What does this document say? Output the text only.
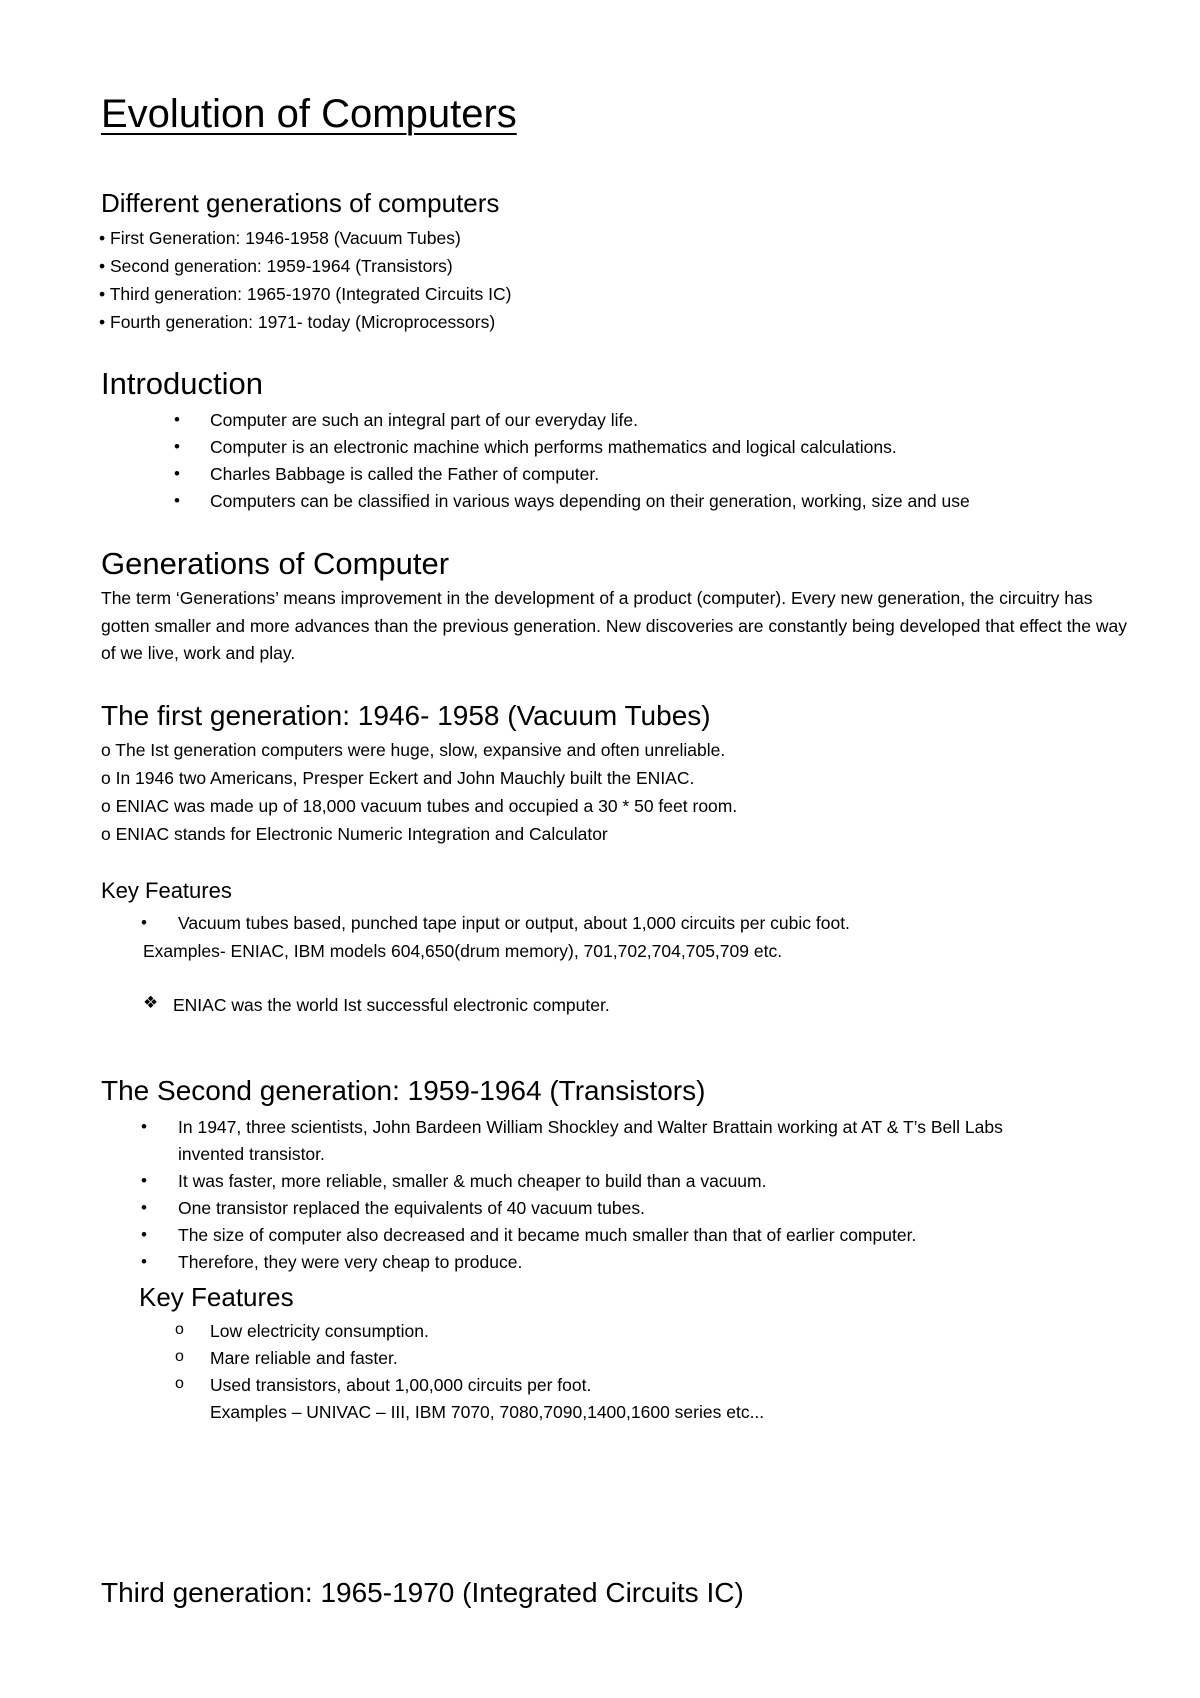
Evolution of Computers
Different generations of computers
• First Generation: 1946-1958 (Vacuum Tubes)
• Second generation: 1959-1964 (Transistors)
• Third generation: 1965-1970 (Integrated Circuits IC)
• Fourth generation: 1971- today (Microprocessors)
Introduction
• Computer are such an integral part of our everyday life.
• Computer is an electronic machine which performs mathematics and logical calculations.
• Charles Babbage is called the Father of computer.
• Computers can be classified in various ways depending on their generation, working, size and use
Generations of Computer
The term ‘Generations’ means improvement in the development of a product (computer). Every new generation, the circuitry has gotten smaller and more advances than the previous generation. New discoveries are constantly being developed that effect the way of we live, work and play.
The first generation: 1946- 1958 (Vacuum Tubes)
o The Ist generation computers were huge, slow, expansive and often unreliable.
o In 1946 two Americans, Presper Eckert and John Mauchly built the ENIAC.
o ENIAC was made up of 18,000 vacuum tubes and occupied a 30 * 50 feet room.
o ENIAC stands for Electronic Numeric Integration and Calculator
Key Features
• Vacuum tubes based, punched tape input or output, about 1,000 circuits per cubic foot.
Examples- ENIAC, IBM models 604,650(drum memory), 701,702,704,705,709 etc.
❖ ENIAC was the world Ist successful electronic computer.
The Second generation: 1959-1964 (Transistors)
• In 1947, three scientists, John Bardeen William Shockley and Walter Brattain working at AT & T’s Bell Labs
invented transistor.
• It was faster, more reliable, smaller & much cheaper to build than a vacuum.
• One transistor replaced the equivalents of 40 vacuum tubes.
• The size of computer also decreased and it became much smaller than that of earlier computer.
• Therefore, they were very cheap to produce.
Key Features
o Low electricity consumption.
o Mare reliable and faster.
o Used transistors, about 1,00,000 circuits per foot.
Examples – UNIVAC – III, IBM 7070, 7080,7090,1400,1600 series etc...
Third generation: 1965-1970 (Integrated Circuits IC)
